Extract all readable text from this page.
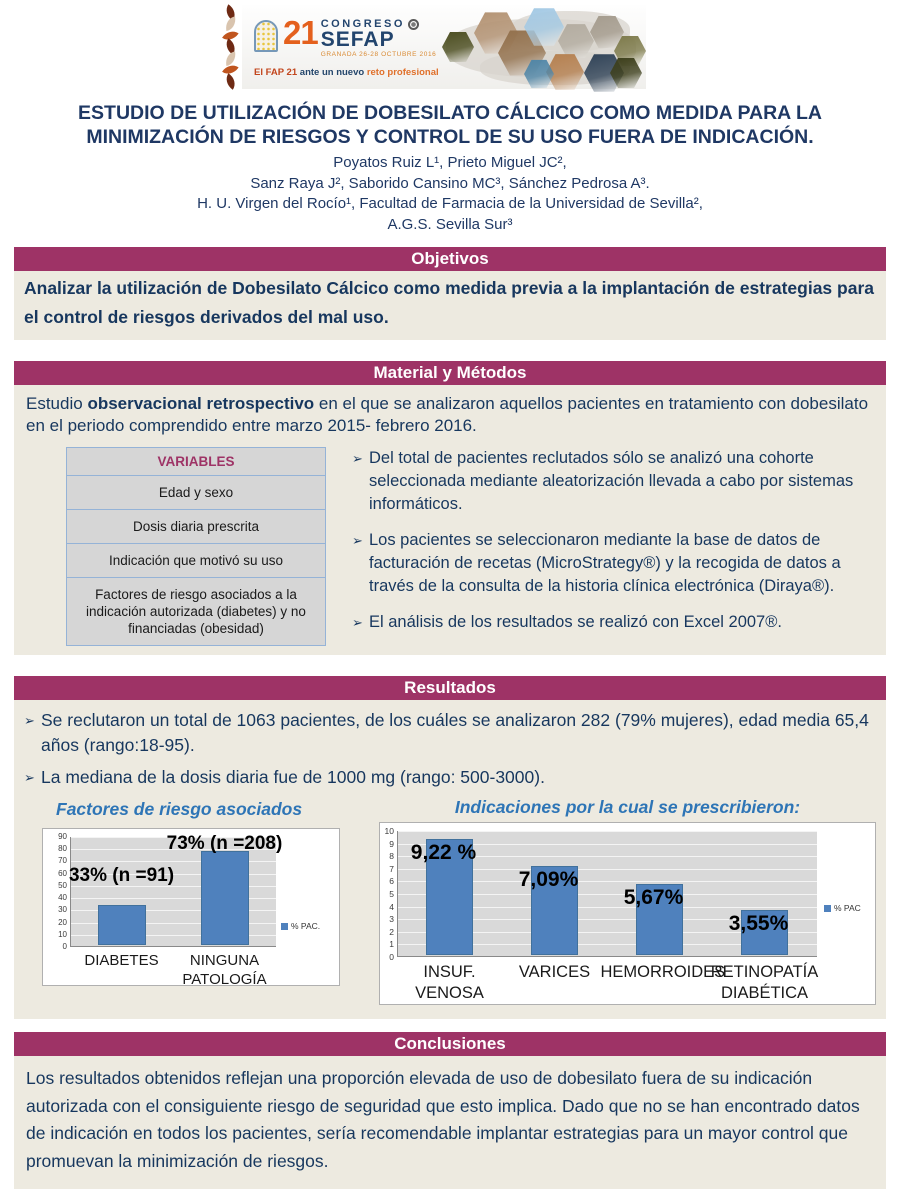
21 CONGRESO
SEFAP
GRANADA 26-28 OCTUBRE 2016
El FAP 21 ante un nuevo reto profesional
ESTUDIO DE UTILIZACIÓN DE DOBESILATO CÁLCICO COMO MEDIDA PARA LA MINIMIZACIÓN DE RIESGOS Y CONTROL DE SU USO FUERA DE INDICACIÓN.
Poyatos Ruiz L¹, Prieto Miguel JC²,
Sanz Raya J², Saborido Cansino MC³, Sánchez Pedrosa A³.
H. U. Virgen del Rocío¹, Facultad de Farmacia de la Universidad de Sevilla²,
A.G.S. Sevilla Sur³
Objetivos
Analizar la utilización de Dobesilato Cálcico como medida previa a la implantación de estrategias para el control de riesgos derivados del mal uso.
Material y Métodos

Estudio observacional retrospectivo en el que se analizaron aquellos pacientes en tratamiento con dobesilato en el periodo comprendido entre marzo 2015- febrero 2016.

VARIABLES
Edad y sexo
Dosis diaria prescrita
Indicación que motivó su uso
Factores de riesgo asociados a la indicación autorizada (diabetes) y no financiadas (obesidad)
➢ Del total de pacientes reclutados sólo se analizó una cohorte seleccionada mediante aleatorización llevada a cabo por sistemas informáticos.
➢ Los pacientes se seleccionaron mediante la base de datos de facturación de recetas (MicroStrategy®) y la recogida de datos a través de la consulta de la historia clínica electrónica (Diraya®).
➢ El análisis de los resultados se realizó con Excel 2007®.
Resultados
➢ Se reclutaron un total de 1063 pacientes, de los cuáles se analizaron 282 (79% mujeres), edad media 65,4 años (rango:18-95).
➢ La mediana de la dosis diaria fue de 1000 mg (rango: 500-3000).
Factores de riesgo asociados
0
10
20
30
40
50
60
70
80
90
33% (n =91)
DIABETES
73% (n =208)
NINGUNA PATOLOGÍA
% PAC.
Indicaciones por la cual se prescribieron:
0
1
2
3
4
5
6
7
8
9
10
9,22 %
INSUF. VENOSA
7,09%
VARICES
5,67%
HEMORROIDES
3,55%
RETINOPATÍA DIABÉTICA
% PAC
Conclusiones
Los resultados obtenidos reflejan una proporción elevada de uso de dobesilato fuera de su indicación autorizada con el consiguiente riesgo de seguridad que esto implica. Dado que no se han encontrado datos de indicación en todos los pacientes, sería recomendable implantar estrategias para un mayor control que promuevan la minimización de riesgos.
